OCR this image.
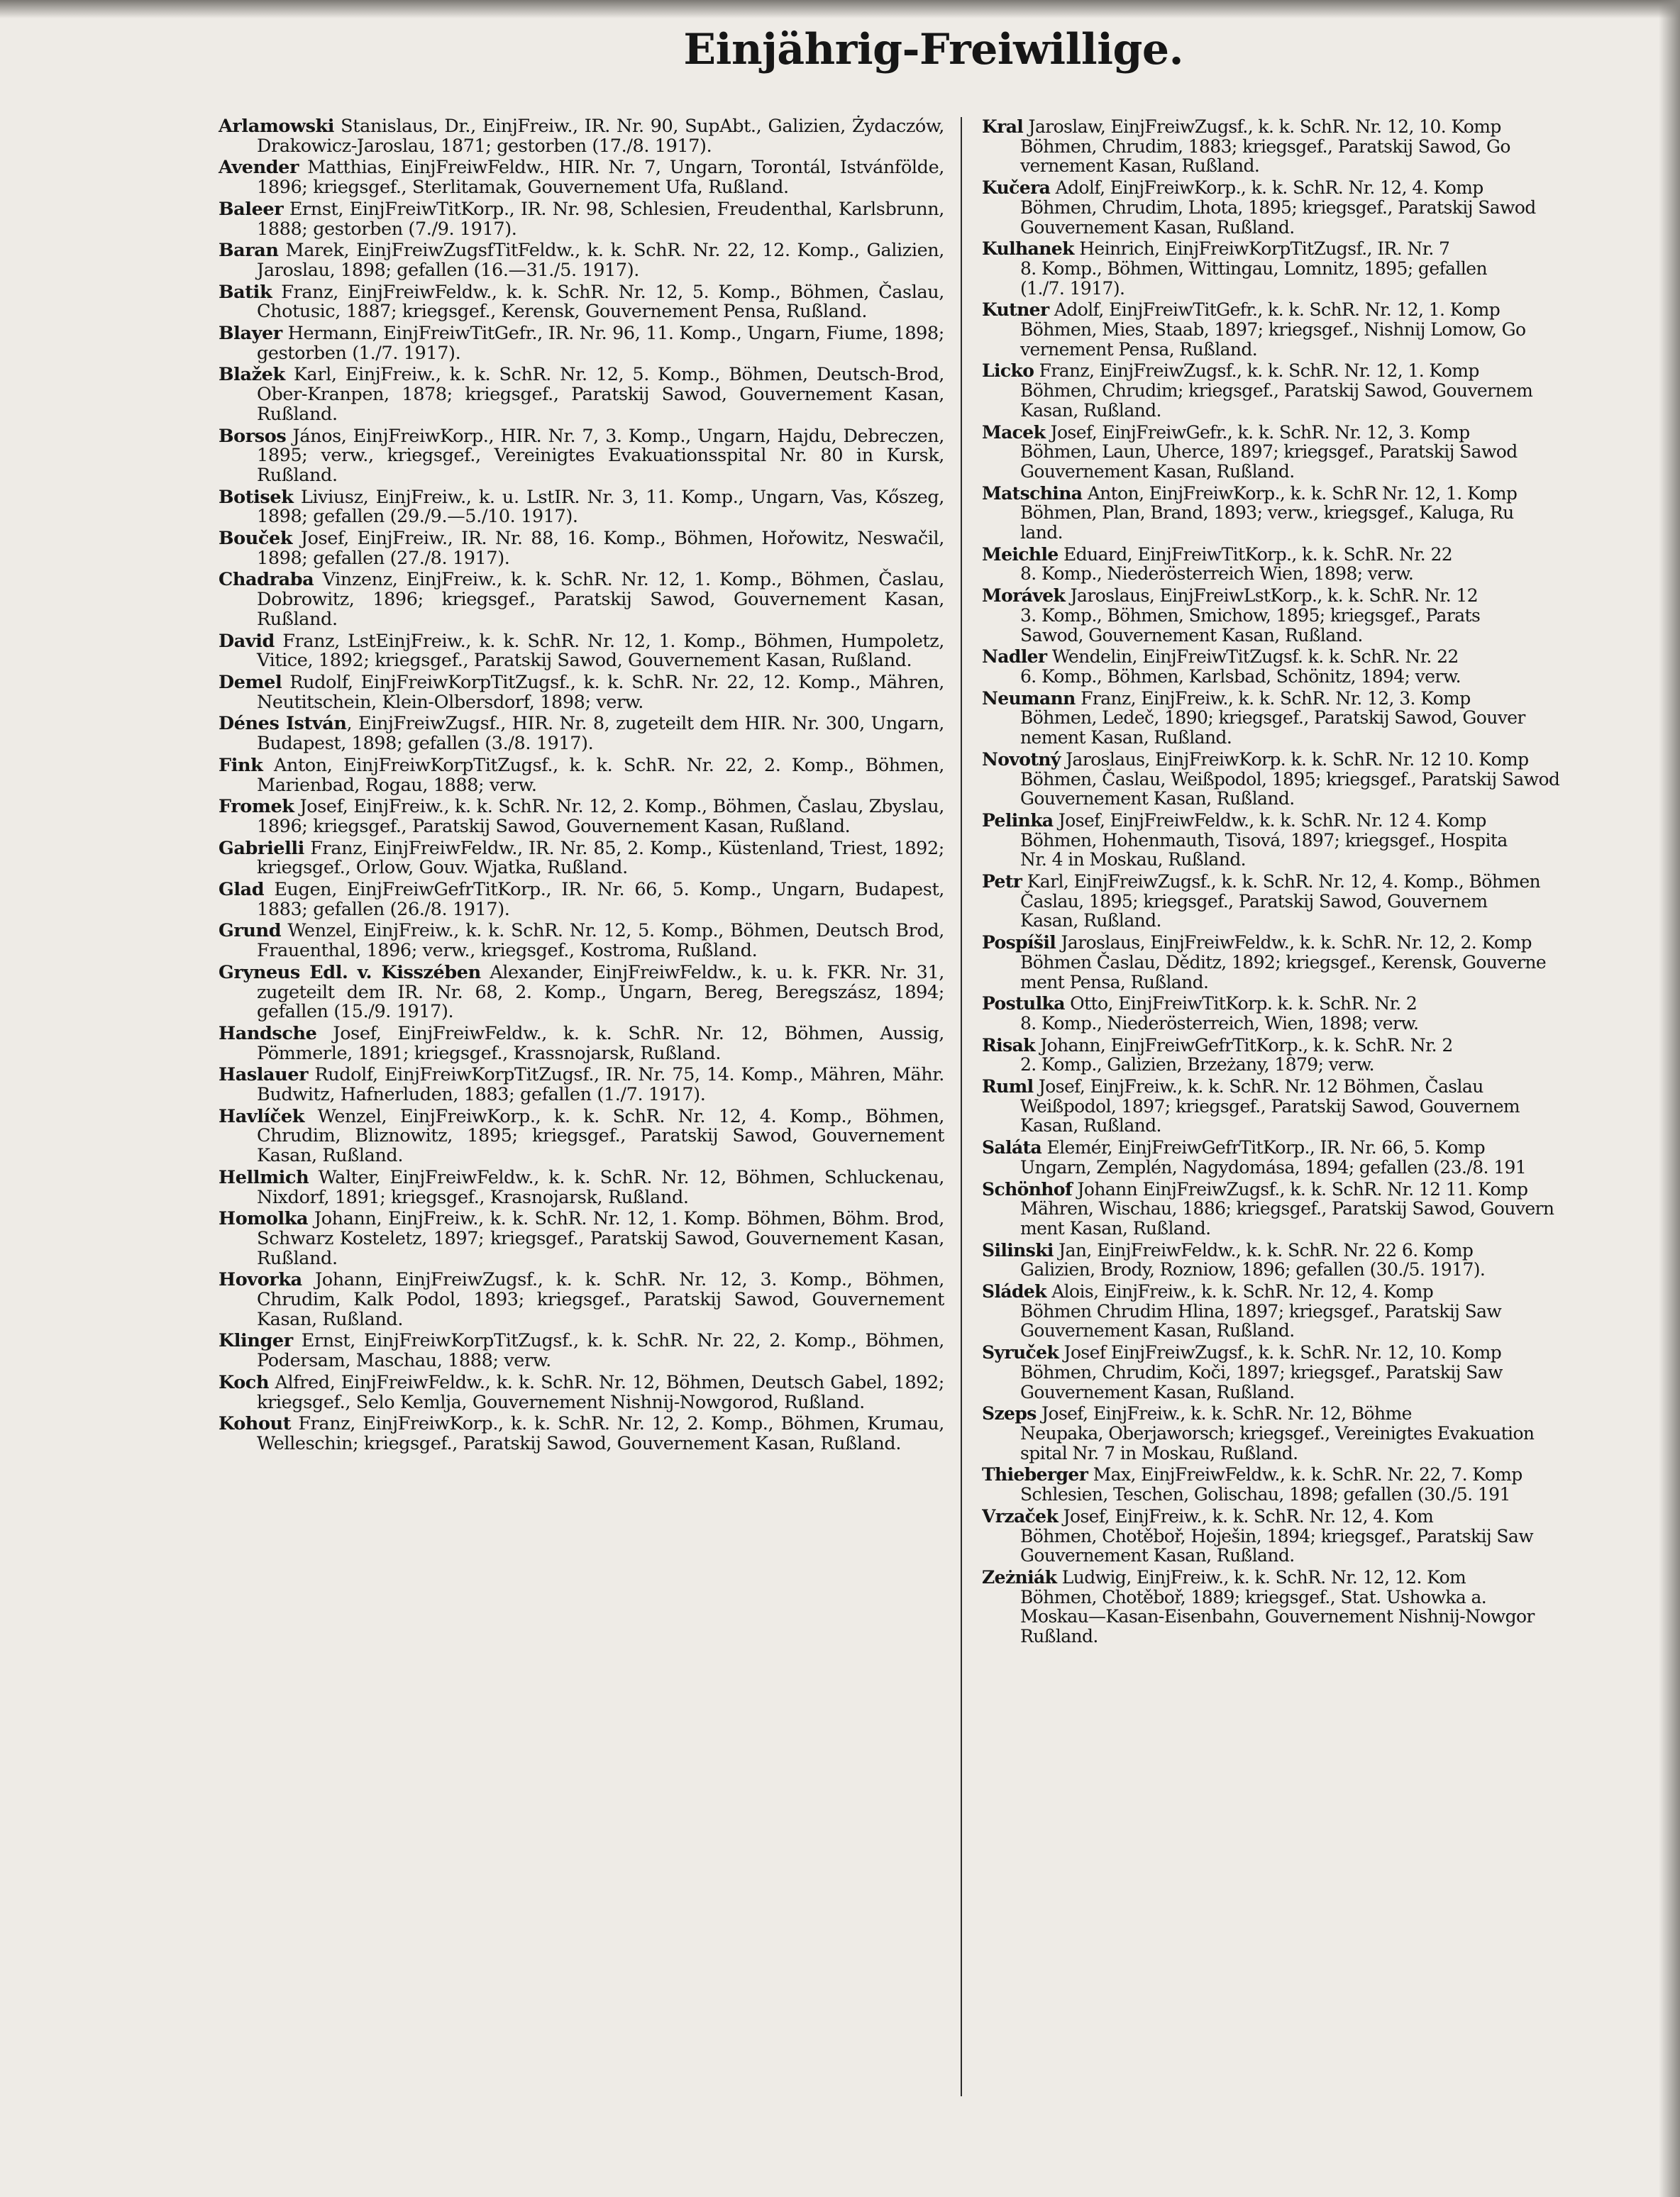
Einjährig-Freiwillige.

Arlamowski Stanislaus, Dr., EinjFreiw., IR. Nr. 90, SupAbt., Galizien, Żydaczów, Drakowicz-Jaroslau, 1871; gestorben (17./8. 1917).

Avender Matthias, EinjFreiwFeldw., HIR. Nr. 7, Ungarn, Torontál, Istvánfölde, 1896; kriegsgef., Sterlitamak, Gouvernement Ufa, Rußland.

Baleer Ernst, EinjFreiwTitKorp., IR. Nr. 98, Schlesien, Freudenthal, Karlsbrunn, 1888; gestorben (7./9. 1917).

Baran Marek, EinjFreiwZugsfTitFeldw., k. k. SchR. Nr. 22, 12. Komp., Galizien, Jaroslau, 1898; gefallen (16.—31./5. 1917).

Batik Franz, EinjFreiwFeldw., k. k. SchR. Nr. 12, 5. Komp., Böhmen, Časlau, Chotusic, 1887; kriegsgef., Kerensk, Gouvernement Pensa, Rußland.

Blayer Hermann, EinjFreiwTitGefr., IR. Nr. 96, 11. Komp., Ungarn, Fiume, 1898; gestorben (1./7. 1917).

Blažek Karl, EinjFreiw., k. k. SchR. Nr. 12, 5. Komp., Böhmen, Deutsch-Brod, Ober-Kranpen, 1878; kriegsgef., Paratskij Sawod, Gouvernement Kasan, Rußland.

Borsos János, EinjFreiwKorp., HIR. Nr. 7, 3. Komp., Ungarn, Hajdu, Debreczen, 1895; verw., kriegsgef., Vereinigtes Evakuationsspital Nr. 80 in Kursk, Rußland.

Botisek Liviusz, EinjFreiw., k. u. LstIR. Nr. 3, 11. Komp., Ungarn, Vas, Kőszeg, 1898; gefallen (29./9.—5./10. 1917).

Bouček Josef, EinjFreiw., IR. Nr. 88, 16. Komp., Böhmen, Hořowitz, Neswačil, 1898; gefallen (27./8. 1917).

Chadraba Vinzenz, EinjFreiw., k. k. SchR. Nr. 12, 1. Komp., Böhmen, Časlau, Dobrowitz, 1896; kriegsgef., Paratskij Sawod, Gouvernement Kasan, Rußland.

David Franz, LstEinjFreiw., k. k. SchR. Nr. 12, 1. Komp., Böhmen, Humpoletz, Vitice, 1892; kriegsgef., Paratskij Sawod, Gouvernement Kasan, Rußland.

Demel Rudolf, EinjFreiwKorpTitZugsf., k. k. SchR. Nr. 22, 12. Komp., Mähren, Neutitschein, Klein-Olbersdorf, 1898; verw.

Dénes István, EinjFreiwZugsf., HIR. Nr. 8, zugeteilt dem HIR. Nr. 300, Ungarn, Budapest, 1898; gefallen (3./8. 1917).

Fink Anton, EinjFreiwKorpTitZugsf., k. k. SchR. Nr. 22, 2. Komp., Böhmen, Marienbad, Rogau, 1888; verw.

Fromek Josef, EinjFreiw., k. k. SchR. Nr. 12, 2. Komp., Böhmen, Časlau, Zbyslau, 1896; kriegsgef., Paratskij Sawod, Gouvernement Kasan, Rußland.

Gabrielli Franz, EinjFreiwFeldw., IR. Nr. 85, 2. Komp., Küstenland, Triest, 1892; kriegsgef., Orlow, Gouv. Wjatka, Rußland.

Glad Eugen, EinjFreiwGefrTitKorp., IR. Nr. 66, 5. Komp., Ungarn, Budapest, 1883; gefallen (26./8. 1917).

Grund Wenzel, EinjFreiw., k. k. SchR. Nr. 12, 5. Komp., Böhmen, Deutsch Brod, Frauenthal, 1896; verw., kriegsgef., Kostroma, Rußland.

Gryneus Edl. v. Kisszében Alexander, EinjFreiwFeldw., k. u. k. FKR. Nr. 31, zugeteilt dem IR. Nr. 68, 2. Komp., Ungarn, Bereg, Beregszász, 1894; gefallen (15./9. 1917).

Handsche Josef, EinjFreiwFeldw., k. k. SchR. Nr. 12, Böhmen, Aussig, Pömmerle, 1891; kriegsgef., Krassnojarsk, Rußland.

Haslauer Rudolf, EinjFreiwKorpTitZugsf., IR. Nr. 75, 14. Komp., Mähren, Mähr. Budwitz, Hafnerluden, 1883; gefallen (1./7. 1917).

Havlíček Wenzel, EinjFreiwKorp., k. k. SchR. Nr. 12, 4. Komp., Böhmen, Chrudim, Bliznowitz, 1895; kriegsgef., Paratskij Sawod, Gouvernement Kasan, Rußland.

Hellmich Walter, EinjFreiwFeldw., k. k. SchR. Nr. 12, Böhmen, Schluckenau, Nixdorf, 1891; kriegsgef., Krasnojarsk, Rußland.

Homolka Johann, EinjFreiw., k. k. SchR. Nr. 12, 1. Komp. Böhmen, Böhm. Brod, Schwarz Kosteletz, 1897; kriegsgef., Paratskij Sawod, Gouvernement Kasan, Rußland.

Hovorka Johann, EinjFreiwZugsf., k. k. SchR. Nr. 12, 3. Komp., Böhmen, Chrudim, Kalk Podol, 1893; kriegsgef., Paratskij Sawod, Gouvernement Kasan, Rußland.

Klinger Ernst, EinjFreiwKorpTitZugsf., k. k. SchR. Nr. 22, 2. Komp., Böhmen, Podersam, Maschau, 1888; verw.

Koch Alfred, EinjFreiwFeldw., k. k. SchR. Nr. 12, Böhmen, Deutsch Gabel, 1892; kriegsgef., Selo Kemlja, Gouvernement Nishnij-Nowgorod, Rußland.

Kohout Franz, EinjFreiwKorp., k. k. SchR. Nr. 12, 2. Komp., Böhmen, Krumau, Welleschin; kriegsgef., Paratskij Sawod, Gouvernement Kasan, Rußland.

Kral Jaroslaw, EinjFreiwZugsf., k. k. SchR. Nr. 12, 10. Komp
Böhmen, Chrudim, 1883; kriegsgef., Paratskij Sawod, Go
vernement Kasan, Rußland.
Kučera Adolf, EinjFreiwKorp., k. k. SchR. Nr. 12, 4. Komp
Böhmen, Chrudim, Lhota, 1895; kriegsgef., Paratskij Sawod
Gouvernement Kasan, Rußland.
Kulhanek Heinrich, EinjFreiwKorpTitZugsf., IR. Nr. 7
8. Komp., Böhmen, Wittingau, Lomnitz, 1895; gefallen
(1./7. 1917).
Kutner Adolf, EinjFreiwTitGefr., k. k. SchR. Nr. 12, 1. Komp
Böhmen, Mies, Staab, 1897; kriegsgef., Nishnij Lomow, Go
vernement Pensa, Rußland.
Licko Franz, EinjFreiwZugsf., k. k. SchR. Nr. 12, 1. Komp
Böhmen, Chrudim; kriegsgef., Paratskij Sawod, Gouvernem
Kasan, Rußland.
Macek Josef, EinjFreiwGefr., k. k. SchR. Nr. 12, 3. Komp
Böhmen, Laun, Uherce, 1897; kriegsgef., Paratskij Sawod
Gouvernement Kasan, Rußland.
Matschina Anton, EinjFreiwKorp., k. k. SchR Nr. 12, 1. Komp
Böhmen, Plan, Brand, 1893; verw., kriegsgef., Kaluga, Ru
land.
Meichle Eduard, EinjFreiwTitKorp., k. k. SchR. Nr. 22
8. Komp., Niederösterreich Wien, 1898; verw.
Morávek Jaroslaus, EinjFreiwLstKorp., k. k. SchR. Nr. 12
3. Komp., Böhmen, Smichow, 1895; kriegsgef., Parats
Sawod, Gouvernement Kasan, Rußland.
Nadler Wendelin, EinjFreiwTitZugsf. k. k. SchR. Nr. 22
6. Komp., Böhmen, Karlsbad, Schönitz, 1894; verw.
Neumann Franz, EinjFreiw., k. k. SchR. Nr. 12, 3. Komp
Böhmen, Ledeč, 1890; kriegsgef., Paratskij Sawod, Gouver
nement Kasan, Rußland.
Novotný Jaroslaus, EinjFreiwKorp. k. k. SchR. Nr. 12 10. Komp
Böhmen, Časlau, Weißpodol, 1895; kriegsgef., Paratskij Sawod
Gouvernement Kasan, Rußland.
Pelinka Josef, EinjFreiwFeldw., k. k. SchR. Nr. 12 4. Komp
Böhmen, Hohenmauth, Tisová, 1897; kriegsgef., Hospita
Nr. 4 in Moskau, Rußland.
Petr Karl, EinjFreiwZugsf., k. k. SchR. Nr. 12, 4. Komp., Böhmen
Časlau, 1895; kriegsgef., Paratskij Sawod, Gouvernem
Kasan, Rußland.
Pospíšil Jaroslaus, EinjFreiwFeldw., k. k. SchR. Nr. 12, 2. Komp
Böhmen Časlau, Děditz, 1892; kriegsgef., Kerensk, Gouverne
ment Pensa, Rußland.
Postulka Otto, EinjFreiwTitKorp. k. k. SchR. Nr. 2
8. Komp., Niederösterreich, Wien, 1898; verw.
Risak Johann, EinjFreiwGefrTitKorp., k. k. SchR. Nr. 2
2. Komp., Galizien, Brzeżany, 1879; verw.
Ruml Josef, EinjFreiw., k. k. SchR. Nr. 12 Böhmen, Časlau
Weißpodol, 1897; kriegsgef., Paratskij Sawod, Gouvernem
Kasan, Rußland.
Saláta Elemér, EinjFreiwGefrTitKorp., IR. Nr. 66, 5. Komp
Ungarn, Zemplén, Nagydomása, 1894; gefallen (23./8. 191
Schönhof Johann EinjFreiwZugsf., k. k. SchR. Nr. 12 11. Komp
Mähren, Wischau, 1886; kriegsgef., Paratskij Sawod, Gouvern
ment Kasan, Rußland.
Silinski Jan, EinjFreiwFeldw., k. k. SchR. Nr. 22 6. Komp
Galizien, Brody, Rozniow, 1896; gefallen (30./5. 1917).
Sládek Alois, EinjFreiw., k. k. SchR. Nr. 12, 4. Komp
Böhmen Chrudim Hlina, 1897; kriegsgef., Paratskij Saw
Gouvernement Kasan, Rußland.
Syruček Josef EinjFreiwZugsf., k. k. SchR. Nr. 12, 10. Komp
Böhmen, Chrudim, Koči, 1897; kriegsgef., Paratskij Saw
Gouvernement Kasan, Rußland.
Szeps Josef, EinjFreiw., k. k. SchR. Nr. 12, Böhme
Neupaka, Oberjaworsch; kriegsgef., Vereinigtes Evakuation
spital Nr. 7 in Moskau, Rußland.
Thieberger Max, EinjFreiwFeldw., k. k. SchR. Nr. 22, 7. Komp
Schlesien, Teschen, Golischau, 1898; gefallen (30./5. 191
Vrzaček Josef, EinjFreiw., k. k. SchR. Nr. 12, 4. Kom
Böhmen, Chotěboř, Hoješin, 1894; kriegsgef., Paratskij Saw
Gouvernement Kasan, Rußland.
Zeżniák Ludwig, EinjFreiw., k. k. SchR. Nr. 12, 12. Kom
Böhmen, Chotěboř, 1889; kriegsgef., Stat. Ushowka a.
Moskau—Kasan-Eisenbahn, Gouvernement Nishnij-Nowgor
Rußland.
